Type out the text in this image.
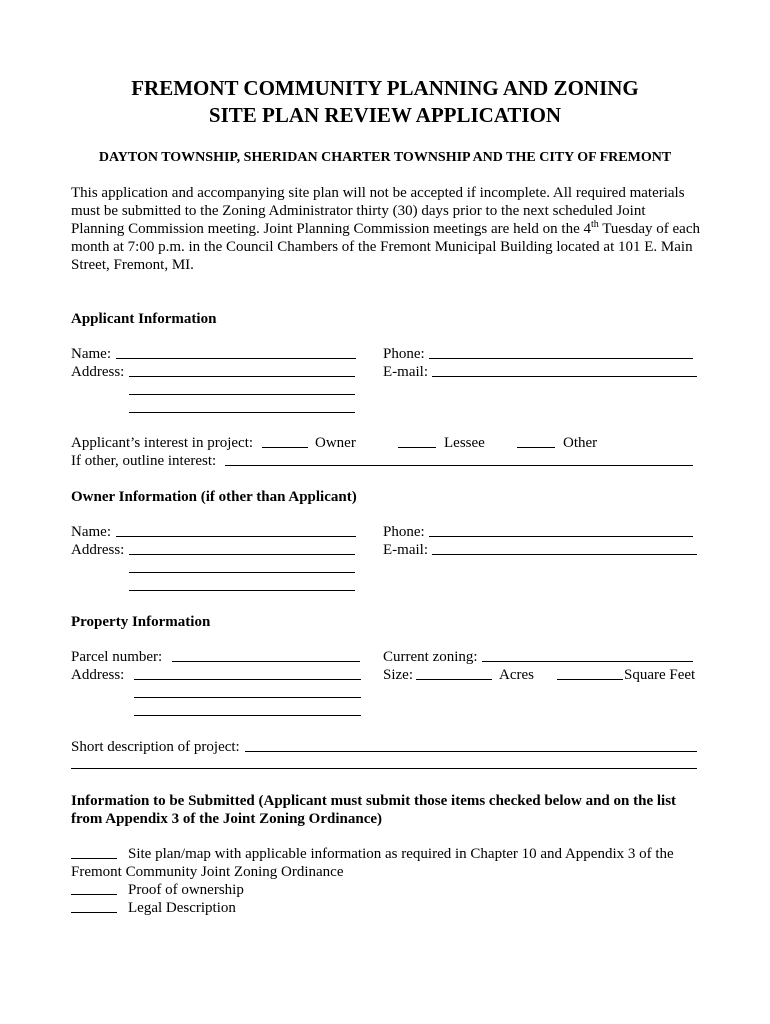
FREMONT COMMUNITY PLANNING AND ZONING
SITE PLAN REVIEW APPLICATION
DAYTON TOWNSHIP, SHERIDAN CHARTER TOWNSHIP AND THE CITY OF FREMONT
This application and accompanying site plan will not be accepted if incomplete. All required materials must be submitted to the Zoning Administrator thirty (30) days prior to the next scheduled Joint Planning Commission meeting. Joint Planning Commission meetings are held on the 4th Tuesday of each month at 7:00 p.m. in the Council Chambers of the Fremont Municipal Building located at 101 E. Main Street, Fremont, MI.
Applicant Information
Name:	Phone:
Address:	E-mail:
Applicant’s interest in project:	Owner	Lessee	Other
If other, outline interest:
Owner Information (if other than Applicant)
Name:	Phone:
Address:	E-mail:
Property Information
Parcel number:	Current zoning:
Address:	Size:	Acres	Square Feet
Short description of project:
Information to be Submitted (Applicant must submit those items checked below and on the list
from Appendix 3 of the Joint Zoning Ordinance)
Site plan/map with applicable information as required in Chapter 10 and Appendix 3 of the
Fremont Community Joint Zoning Ordinance
Proof of ownership
Legal Description
